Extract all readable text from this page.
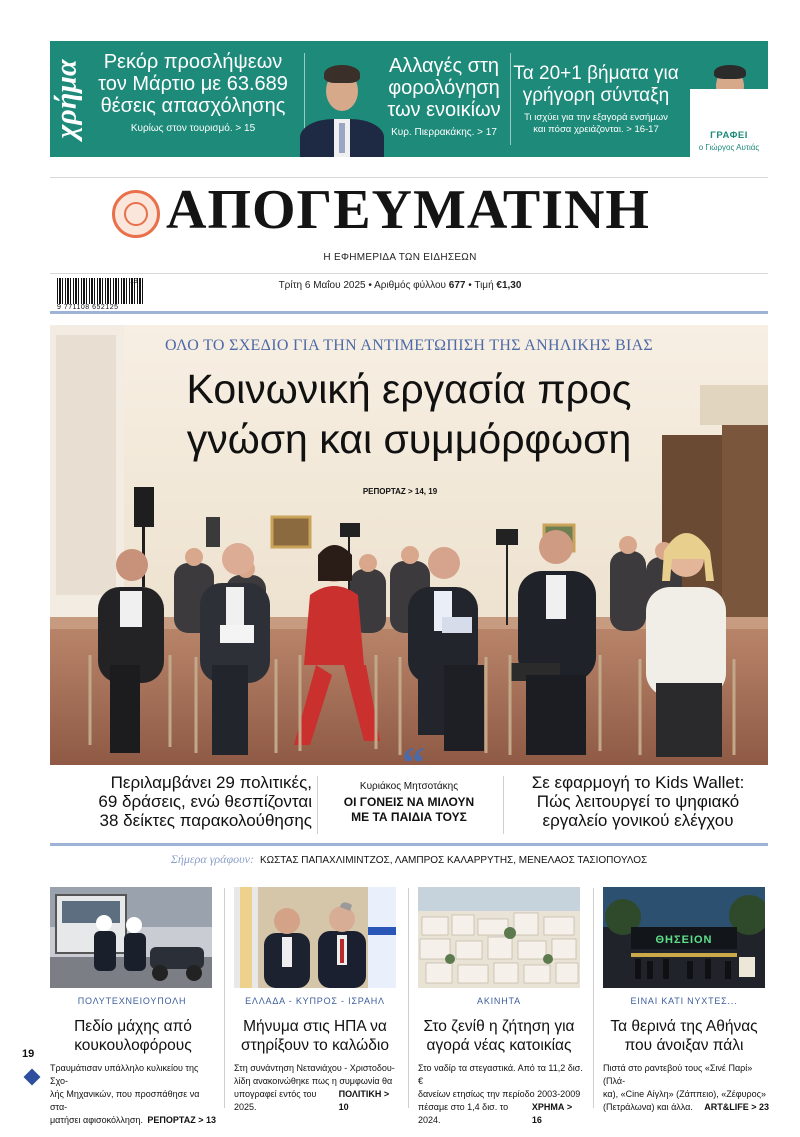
χρήμα	Ρεκόρ προσλήψεων
τον Μάρτιο με 63.689
θέσεις απασχόλησης
Κυρίως στον τουρισμό. > 15
Αλλαγές στη
φορολόγηση
των ενοικίων
Κυρ. Πιερρακάκης. > 17
Τα 20+1 βήματα για
γρήγορη σύνταξη
Τι ισχύει για την εξαγορά ενσήμων
και πόσα χρειάζονται. > 16-17
ΓΡΑΦΕΙ
ο Γιώργος Αυτιάς
ΑΠΟΓΕΥΜΑΤΙΝΗ
Η ΕΦΗΜΕΡΙΔΑ ΤΩΝ ΕΙΔΗΣΕΩΝ
9 771108 652125
19	Τρίτη 6 Μαΐου 2025 • Αριθμός φύλλου 677 • Τιμή €1,30
ΟΛΟ ΤΟ ΣΧΕΔΙΟ ΓΙΑ ΤΗΝ ΑΝΤΙΜΕΤΩΠΙΣΗ ΤΗΣ ΑΝΗΛΙΚΗΣ ΒΙΑΣ
Κοινωνική εργασία προς
γνώση και συμμόρφωση
ΡΕΠΟΡΤΑΖ > 14, 19
Περιλαμβάνει 29 πολιτικές,
69 δράσεις, ενώ θεσπίζονται
38 δείκτες παρακολούθησης
“
Κυριάκος Μητσοτάκης
ΟΙ ΓΟΝΕΙΣ ΝΑ ΜΙΛΟΥΝ
ΜΕ ΤΑ ΠΑΙΔΙΑ ΤΟΥΣ
Σε εφαρμογή το Kids Wallet:
Πώς λειτουργεί το ψηφιακό
εργαλείο γονικού ελέγχου
Σήμερα γράφουν: ΚΩΣΤΑΣ ΠΑΠΑΧΛΙΜΙΝΤΖΟΣ, ΛΑΜΠΡΟΣ ΚΑΛΑΡΡΥΤΗΣ, ΜΕΝΕΛΑΟΣ ΤΑΣΙΟΠΟΥΛΟΣ
ΠΟΛΥΤΕΧΝΕΙΟΥΠΟΛΗ
Πεδίο μάχης από
κουκουλοφόρους
Τραυμάτισαν υπάλληλο κυλικείου της Σχο-
λής Μηχανικών, που προσπάθησε να στα-
ματήσει αφισοκόλληση. ΡΕΠΟΡΤΑΖ > 13
ΕΛΛΑΔΑ - ΚΥΠΡΟΣ - ΙΣΡΑΗΛ
Μήνυμα στις ΗΠΑ να
στηρίξουν το καλώδιο
Στη συνάντηση Νετανιάχου - Χριστοδου-
λίδη ανακοινώθηκε πως η συμφωνία θα
υπογραφεί εντός του 2025.
ΠΟΛΙΤΙΚΗ > 10
ΑΚΙΝΗΤΑ
Στο ζενίθ η ζήτηση για
αγορά νέας κατοικίας
Στο ναδίρ τα στεγαστικά. Από τα 11,2 δισ. €
δανείων ετησίως την περίοδο 2003-2009
πέσαμε στο 1,4 δισ. το 2024.
ΧΡΗΜΑ > 16
ΘΗΣΕΙΟΝ
ΕΙΝΑΙ ΚΑΤΙ ΝΥΧΤΕΣ...
Τα θερινά της Αθήνας
που άνοιξαν πάλι
Πιστά στο ραντεβού τους «Σινέ Παρί» (Πλά-
κα), «Cine Αίγλη» (Ζάππειο), «Ζέφυρος»
(Πετράλωνα) και άλλα. ART&LIFE > 23
19
